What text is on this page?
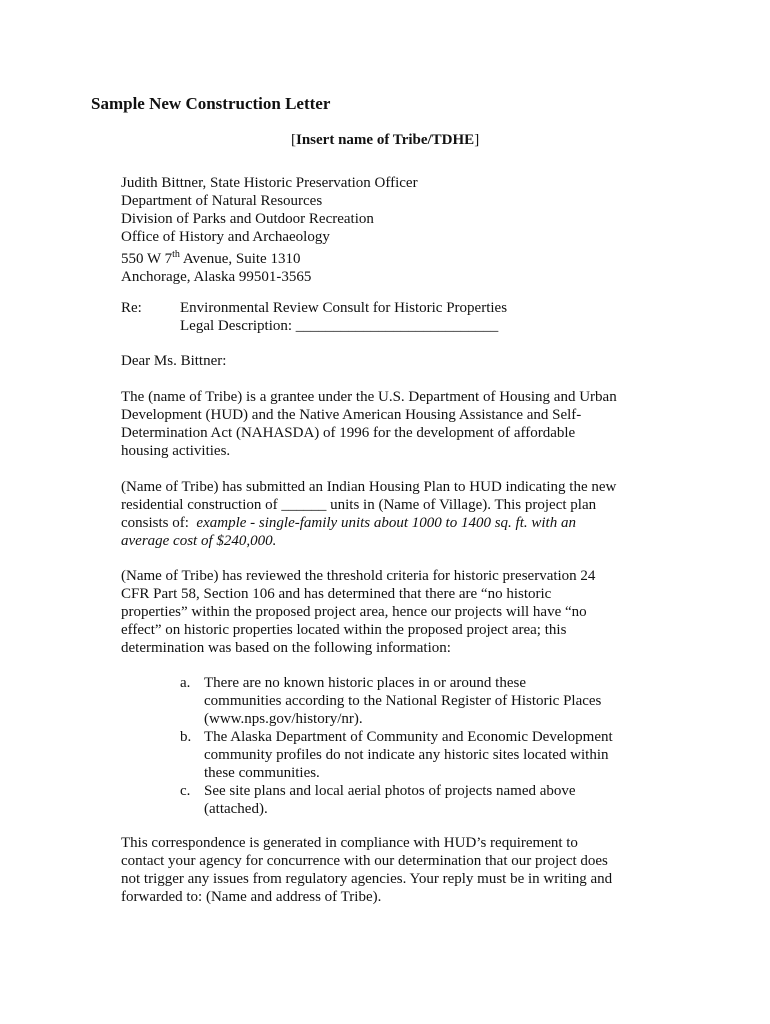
Sample New Construction Letter
[Insert name of Tribe/TDHE]
Judith Bittner, State Historic Preservation Officer
Department of Natural Resources
Division of Parks and Outdoor Recreation
Office of History and Archaeology
550 W 7th Avenue, Suite 1310
Anchorage, Alaska 99501-3565
Re:	Environmental Review Consult for Historic Properties
Legal Description: ___________________________
Dear Ms. Bittner:
The (name of Tribe) is a grantee under the U.S. Department of Housing and Urban
Development (HUD) and the Native American Housing Assistance and Self-
Determination Act (NAHASDA) of 1996 for the development of affordable
housing activities.
(Name of Tribe) has submitted an Indian Housing Plan to HUD indicating the new
residential construction of ______ units in (Name of Village). This project plan
consists of:  example - single-family units about 1000 to 1400 sq. ft. with an
average cost of $240,000.
(Name of Tribe) has reviewed the threshold criteria for historic preservation 24
CFR Part 58, Section 106 and has determined that there are “no historic
properties” within the proposed project area, hence our projects will have “no
effect” on historic properties located within the proposed project area; this
determination was based on the following information:
a. There are no known historic places in or around these
communities according to the National Register of Historic Places
(www.nps.gov/history/nr).
b. The Alaska Department of Community and Economic Development
community profiles do not indicate any historic sites located within
these communities.
c. See site plans and local aerial photos of projects named above
(attached).
This correspondence is generated in compliance with HUD’s requirement to
contact your agency for concurrence with our determination that our project does
not trigger any issues from regulatory agencies. Your reply must be in writing and
forwarded to: (Name and address of Tribe).
